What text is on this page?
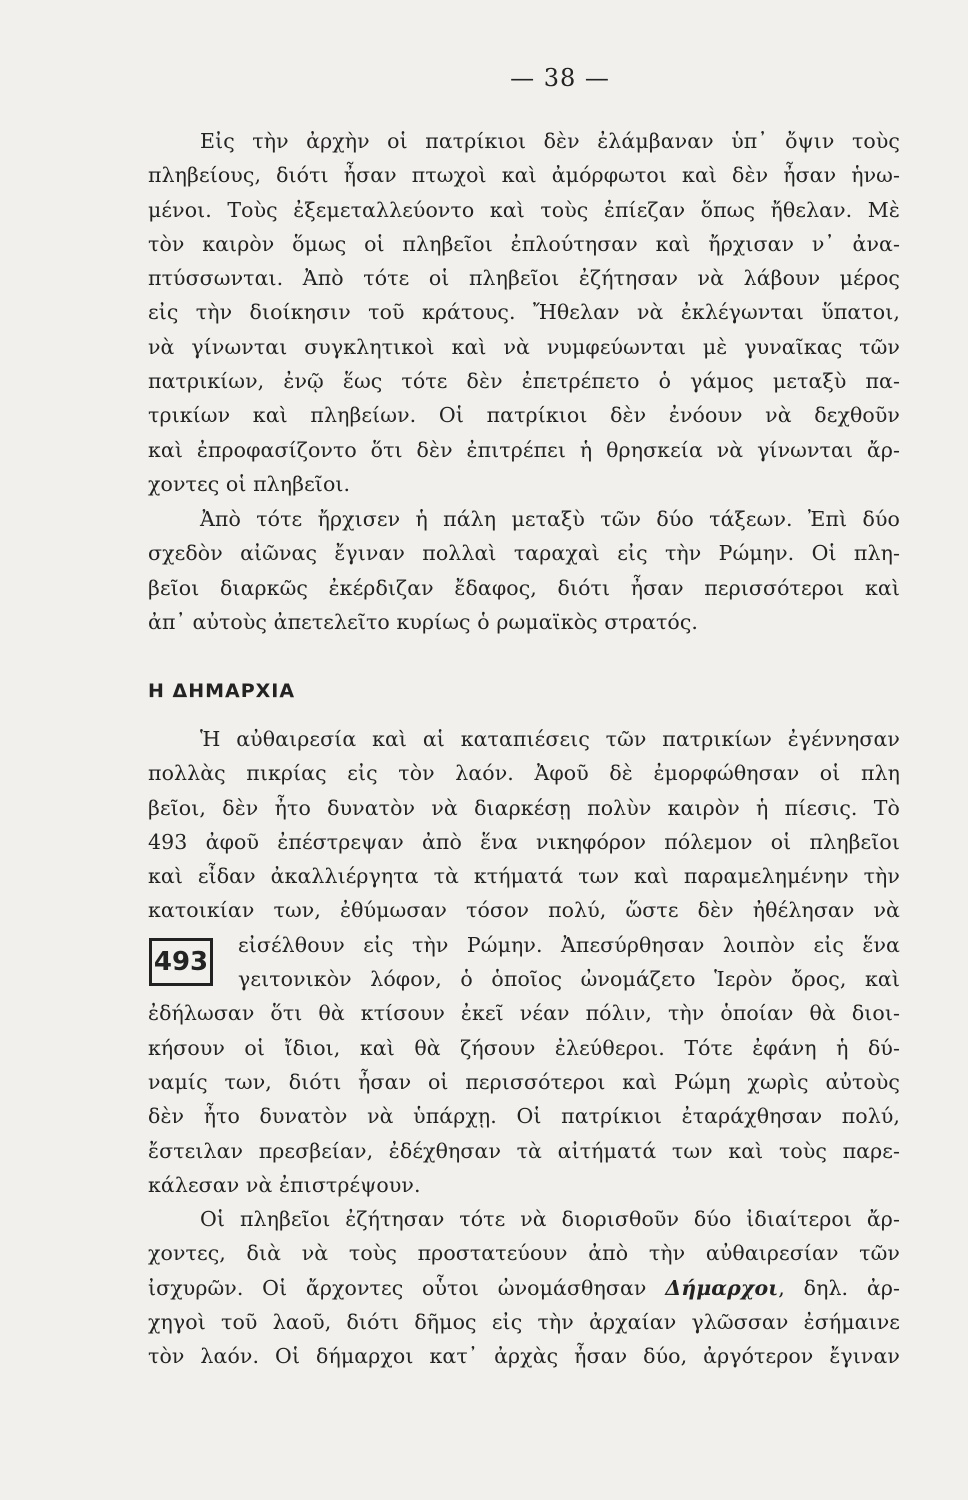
— 38 —
Εἰς τὴν ἀρχὴν οἱ πατρίκιοι δὲν ἐλάμβαναν ὑπ᾽ ὄψιν τοὺς
πληβείους, διότι ἦσαν πτωχοὶ καὶ ἀμόρφωτοι καὶ δὲν ἦσαν ἡνω-
μένοι. Τοὺς ἐξεμεταλλεύοντο καὶ τοὺς ἐπίεζαν ὅπως ἤθελαν. Μὲ
τὸν καιρὸν ὅμως οἱ πληβεῖοι ἐπλούτησαν καὶ ἤρχισαν ν᾽ ἀνα-
πτύσσωνται. Ἀπὸ τότε οἱ πληβεῖοι ἐζήτησαν νὰ λάβουν μέρος
εἰς τὴν διοίκησιν τοῦ κράτους. Ἤθελαν νὰ ἐκλέγωνται ὕπατοι,
νὰ γίνωνται συγκλητικοὶ καὶ νὰ νυμφεύωνται μὲ γυναῖκας τῶν
πατρικίων, ἐνῷ ἕως τότε δὲν ἐπετρέπετο ὁ γάμος μεταξὺ πα-
τρικίων καὶ πληβείων. Οἱ πατρίκιοι δὲν ἐνόουν νὰ δεχθοῦν
καὶ ἐπροφασίζοντο ὅτι δὲν ἐπιτρέπει ἡ θρησκεία νὰ γίνωνται ἄρ-
χοντες οἱ πληβεῖοι.
Ἀπὸ τότε ἤρχισεν ἡ πάλη μεταξὺ τῶν δύο τάξεων. Ἐπὶ δύο
σχεδὸν αἰῶνας ἔγιναν πολλαὶ ταραχαὶ εἰς τὴν Ρώμην. Οἱ πλη-
βεῖοι διαρκῶς ἐκέρδιζαν ἔδαφος, διότι ἦσαν περισσότεροι καὶ
ἀπ᾽ αὐτοὺς ἀπετελεῖτο κυρίως ὁ ρωμαϊκὸς στρατός.
Η ΔΗΜΑΡΧΙΑ
Ἡ αὐθαιρεσία καὶ αἱ καταπιέσεις τῶν πατρικίων ἐγέννησαν
πολλὰς πικρίας εἰς τὸν λαόν. Ἀφοῦ δὲ ἐμορφώθησαν οἱ πλη
βεῖοι, δὲν ἦτο δυνατὸν νὰ διαρκέσῃ πολὺν καιρὸν ἡ πίεσις. Τὸ
493 ἀφοῦ ἐπέστρεψαν ἀπὸ ἕνα νικηφόρον πόλεμον οἱ πληβεῖοι
καὶ εἶδαν ἀκαλλιέργητα τὰ κτήματά των καὶ παραμελημένην τὴν
κατοικίαν των, ἐθύμωσαν τόσον πολύ, ὥστε δὲν ἠθέλησαν νὰ
εἰσέλθουν εἰς τὴν Ρώμην. Ἀπεσύρθησαν λοιπὸν εἰς ἕνα
γειτονικὸν λόφον, ὁ ὁποῖος ὠνομάζετο Ἱερὸν ὄρος, καὶ
ἐδήλωσαν ὅτι θὰ κτίσουν ἐκεῖ νέαν πόλιν, τὴν ὁποίαν θὰ διοι-
κήσουν οἱ ἴδιοι, καὶ θὰ ζήσουν ἐλεύθεροι. Τότε ἐφάνη ἡ δύ-
ναμίς των, διότι ἦσαν οἱ περισσότεροι καὶ Ρώμη χωρὶς αὐτοὺς
δὲν ἦτο δυνατὸν νὰ ὑπάρχῃ. Οἱ πατρίκιοι ἐταράχθησαν πολύ,
ἔστειλαν πρεσβείαν, ἐδέχθησαν τὰ αἰτήματά των καὶ τοὺς παρε-
κάλεσαν νὰ ἐπιστρέψουν.
493
Οἱ πληβεῖοι ἐζήτησαν τότε νὰ διορισθοῦν δύο ἰδιαίτεροι ἄρ-
χοντες, διὰ νὰ τοὺς προστατεύουν ἀπὸ τὴν αὐθαιρεσίαν τῶν
ἰσχυρῶν. Οἱ ἄρχοντες οὗτοι ὠνομάσθησαν Δήμαρχοι, δηλ. ἀρ-
χηγοὶ τοῦ λαοῦ, διότι δῆμος εἰς τὴν ἀρχαίαν γλῶσσαν ἐσήμαινε
τὸν λαόν. Οἱ δήμαρχοι κατ᾽ ἀρχὰς ἦσαν δύο, ἀργότερον ἔγιναν
